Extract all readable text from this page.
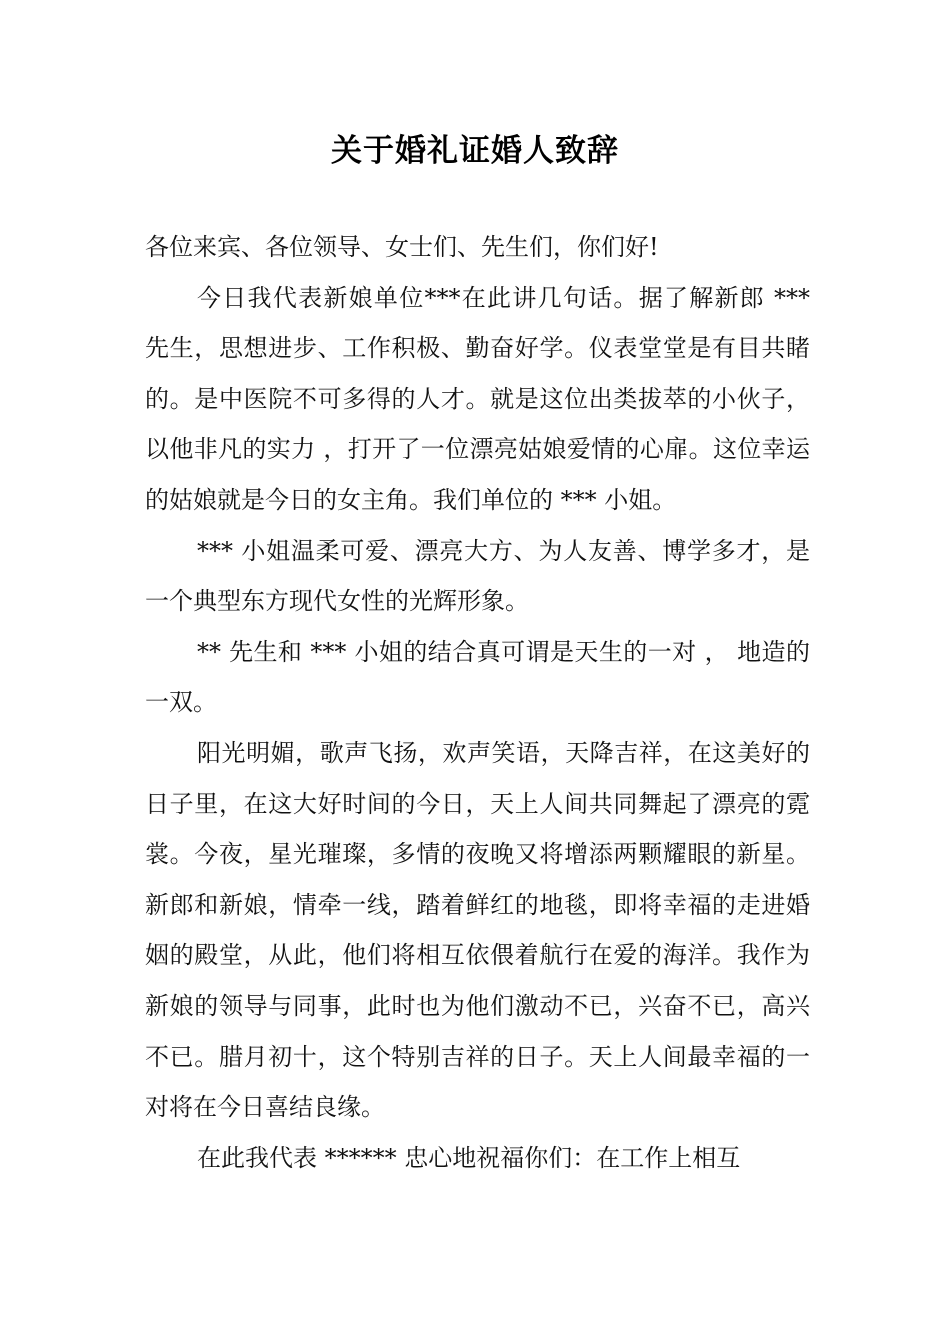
关于婚礼证婚人致辞

各位来宾、各位领导、女士们、先生们，你们好!

今日我代表新娘单位***在此讲几句话。据了解新郎 *** 先生，思想进步、工作积极、勤奋好学。仪表堂堂是有目共睹的。是中医院不可多得的人才。就是这位出类拔萃的小伙子，以他非凡的实力 ，打开了一位漂亮姑娘爱情的心扉。这位幸运的姑娘就是今日的女主角。我们单位的 *** 小姐。

*** 小姐温柔可爱、漂亮大方、为人友善、博学多才，是一个典型东方现代女性的光辉形象。

** 先生和 *** 小姐的结合真可谓是天生的一对 ， 地造的一双。

阳光明媚，歌声飞扬，欢声笑语，天降吉祥，在这美好的日子里，在这大好时间的今日，天上人间共同舞起了漂亮的霓裳。今夜，星光璀璨，多情的夜晚又将增添两颗耀眼的新星。新郎和新娘，情牵一线，踏着鲜红的地毯，即将幸福的走进婚姻的殿堂，从此，他们将相互依偎着航行在爱的海洋。我作为新娘的领导与同事，此时也为他们激动不已，兴奋不已，高兴不已。腊月初十，这个特别吉祥的日子。天上人间最幸福的一对将在今日喜结良缘。

在此我代表 ****** 忠心地祝福你们：在工作上相互
